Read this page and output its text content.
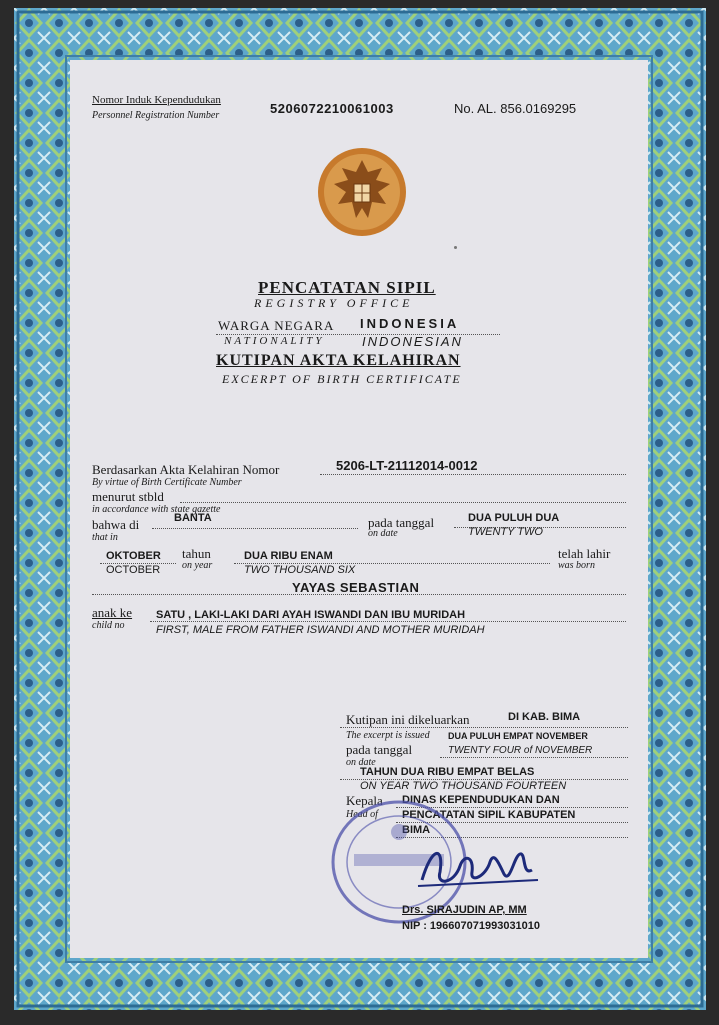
Nomor Induk Kependudukan
Personnel Registration Number	5206072210061003	No. AL. 856.0169295
PENCATATAN SIPIL
REGISTRY OFFICE
WARGA NEGARA INDONESIA
NATIONALITY	INDONESIAN
KUTIPAN AKTA KELAHIRAN
EXCERPT OF BIRTH CERTIFICATE
Berdasarkan Akta Kelahiran Nomor	5206-LT-21112014-0012
By virtue of Birth Certificate Number
menurut stbld
in accordance with state gazette
bahwa di	BANTA
that in
pada tanggal
on date
DUA PULUH DUA
TWENTY TWO
OKTOBER
OCTOBER
tahun
on year
DUA RIBU ENAM
TWO THOUSAND SIX
telah lahir
was born
YAYAS SEBASTIAN
anak ke
child no
SATU , LAKI-LAKI DARI AYAH ISWANDI DAN IBU MURIDAH
FIRST, MALE FROM FATHER ISWANDI AND MOTHER MURIDAH
Kutipan ini dikeluarkan	DI KAB. BIMA
The excerpt is issued DUA PULUH EMPAT NOVEMBER
pada tanggal	TWENTY FOUR of NOVEMBER
on date
TAHUN DUA RIBU EMPAT BELAS
ON YEAR TWO THOUSAND FOURTEEN
Kepala
Head of
DINAS KEPENDUDUKAN DAN
PENCATATAN SIPIL KABUPATEN
BIMA
Drs. SIRAJUDIN AP, MM
NIP : 196607071993031010
